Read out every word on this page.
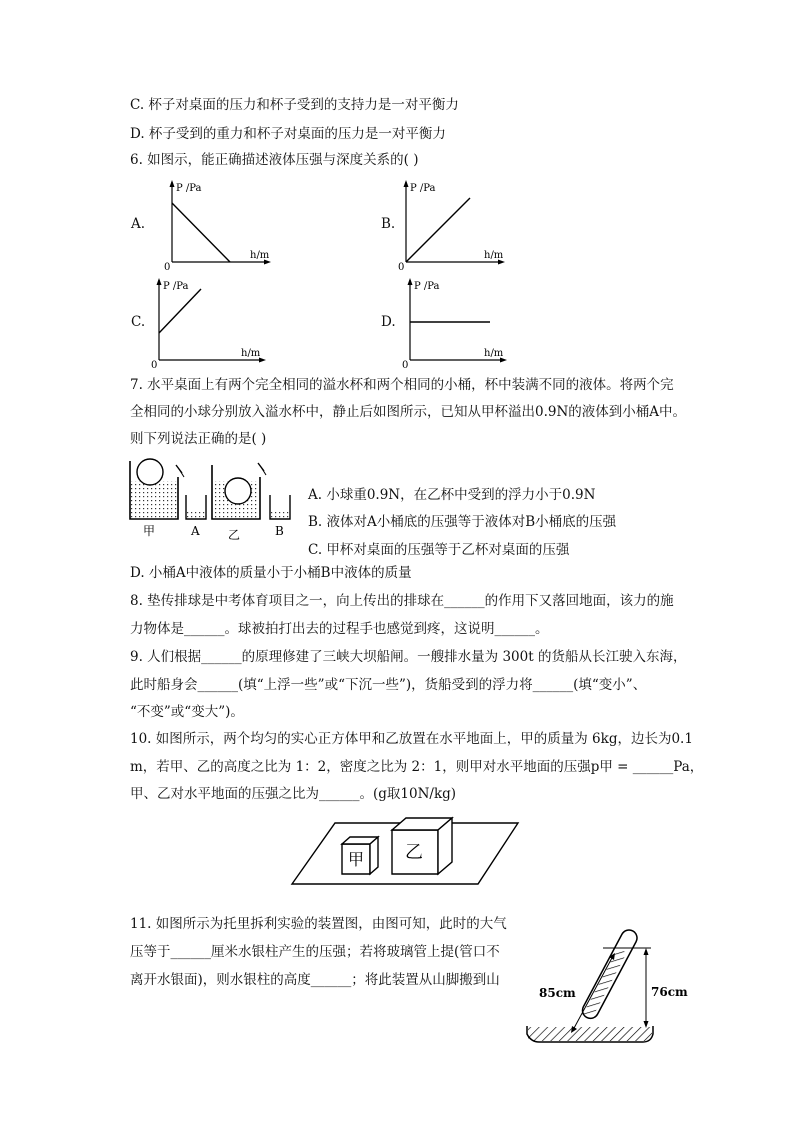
C. 杯子对桌面的压力和杯子受到的支持力是一对平衡力
D. 杯子受到的重力和杯子对桌面的压力是一对平衡力
6. 如图示，能正确描述液体压强与深度关系的( )
A.
P /Pa
h/m
0
B.
P /Pa
h/m
0
C.
P /Pa
h/m
0
D.
P /Pa
h/m
0
7. 水平桌面上有两个完全相同的溢水杯和两个相同的小桶，杯中装满不同的液体。将两个完
全相同的小球分别放入溢水杯中，静止后如图所示，已知从甲杯溢出0.9N的液体到小桶A中。
则下列说法正确的是( )
甲	A 乙	B
A. 小球重0.9N，在乙杯中受到的浮力小于0.9N
B. 液体对A小桶底的压强等于液体对B小桶底的压强
C. 甲杯对桌面的压强等于乙杯对桌面的压强
D. 小桶A中液体的质量小于小桶B中液体的质量
8. 垫传排球是中考体育项目之一，向上传出的排球在______的作用下又落回地面，该力的施
力物体是______。球被拍打出去的过程手也感觉到疼，这说明______。
9. 人们根据______的原理修建了三峡大坝船闸。一艘排水量为 300t 的货船从长江驶入东海，
此时船身会______(填“上浮一些”或“下沉一些”)，货船受到的浮力将______(填“变小”、
“不变”或“变大”)。
10. 如图所示，两个均匀的实心正方体甲和乙放置在水平地面上，甲的质量为 6kg，边长为0.1
m，若甲、乙的高度之比为 1：2，密度之比为 2：1，则甲对水平地面的压强p甲 = ______Pa，
甲、乙对水平地面的压强之比为______。(g取10N/kg)
甲 乙
11. 如图所示为托里拆利实验的装置图，由图可知，此时的大气
压等于______厘米水银柱产生的压强；若将玻璃管上提(管口不
离开水银面)，则水银柱的高度______；将此装置从山脚搬到山
85cm	76cm
